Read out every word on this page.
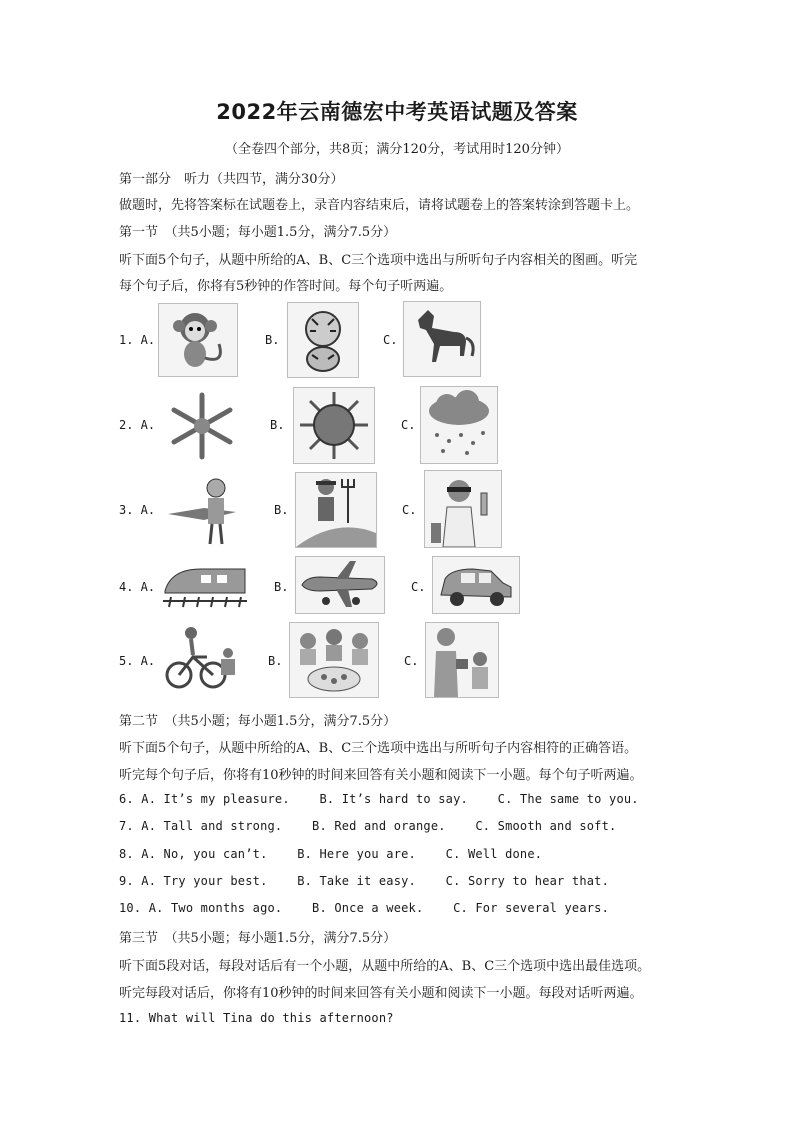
2022年云南德宏中考英语试题及答案
（全卷四个部分，共8页；满分120分，考试用时120分钟）
第一部分　听力（共四节，满分30分）
做题时，先将答案标在试题卷上，录音内容结束后，请将试题卷上的答案转涂到答题卡上。
第一节　（共5小题；每小题1.5分，满分7.5分）
听下面5个句子，从题中所给的A、B、C三个选项中选出与所听句子内容相关的图画。听完
每个句子后，你将有5秒钟的作答时间。每个句子听两遍。
1. A.	B.	C.
2. A.	B.	C.
3. A.	B.	C.
4. A.	B.	C.
5. A.	B.	C.
第二节　（共5小题；每小题1.5分，满分7.5分）
听下面5个句子，从题中所给的A、B、C三个选项中选出与所听句子内容相符的正确答语。
听完每个句子后，你将有10秒钟的时间来回答有关小题和阅读下一小题。每个句子听两遍。
6. A. It’s my pleasure.    B. It’s hard to say.    C. The same to you.
7. A. Tall and strong.    B. Red and orange.    C. Smooth and soft.
8. A. No, you can’t.    B. Here you are.    C. Well done.
9. A. Try your best.    B. Take it easy.    C. Sorry to hear that.
10. A. Two months ago.    B. Once a week.    C. For several years.
第三节　（共5小题；每小题1.5分，满分7.5分）
听下面5段对话，每段对话后有一个小题，从题中所给的A、B、C三个选项中选出最佳选项。
听完每段对话后，你将有10秒钟的时间来回答有关小题和阅读下一小题。每段对话听两遍。
11. What will Tina do this afternoon?
